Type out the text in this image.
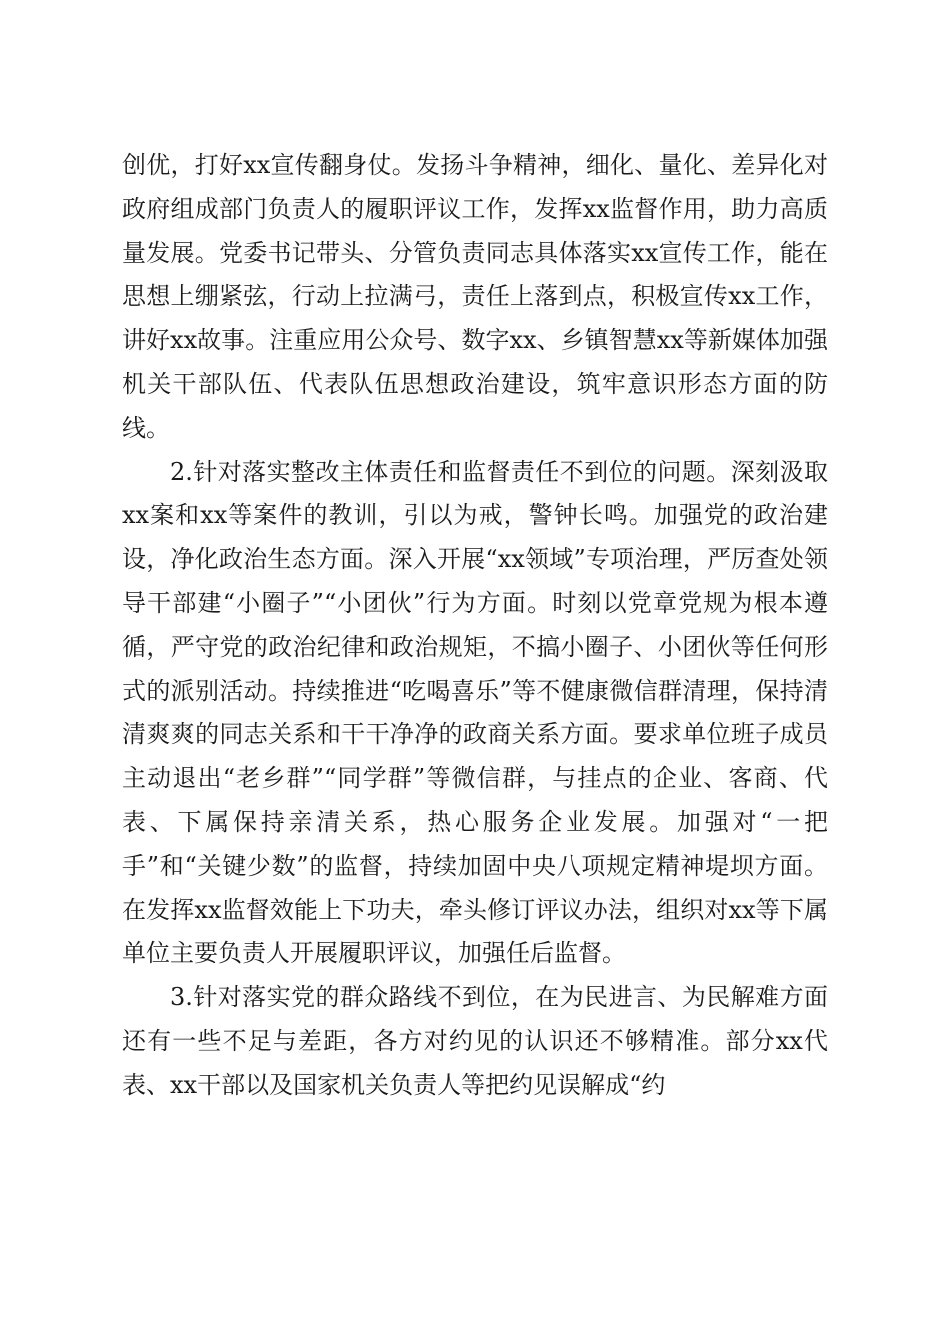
创优，打好xx宣传翻身仗。发扬斗争精神，细化、量化、差异化对政府组成部门负责人的履职评议工作，发挥xx监督作用，助力高质量发展。党委书记带头、分管负责同志具体落实xx宣传工作，能在思想上绷紧弦，行动上拉满弓，责任上落到点，积极宣传xx工作，讲好xx故事。注重应用公众号、数字xx、乡镇智慧xx等新媒体加强机关干部队伍、代表队伍思想政治建设，筑牢意识形态方面的防线。

2.针对落实整改主体责任和监督责任不到位的问题。深刻汲取xx案和xx等案件的教训，引以为戒，警钟长鸣。加强党的政治建设，净化政治生态方面。深入开展“xx领域”专项治理，严厉查处领导干部建“小圈子”“小团伙”行为方面。时刻以党章党规为根本遵循，严守党的政治纪律和政治规矩，不搞小圈子、小团伙等任何形式的派别活动。持续推进“吃喝喜乐”等不健康微信群清理，保持清清爽爽的同志关系和干干净净的政商关系方面。要求单位班子成员主动退出“老乡群”“同学群”等微信群，与挂点的企业、客商、代表、下属保持亲清关系，热心服务企业发展。加强对“一把手”和“关键少数”的监督，持续加固中央八项规定精神堤坝方面。在发挥xx监督效能上下功夫，牵头修订评议办法，组织对xx等下属单位主要负责人开展履职评议，加强任后监督。

3.针对落实党的群众路线不到位，在为民进言、为民解难方面还有一些不足与差距，各方对约见的认识还不够精准。部分xx代表、xx干部以及国家机关负责人等把约见误解成“约
